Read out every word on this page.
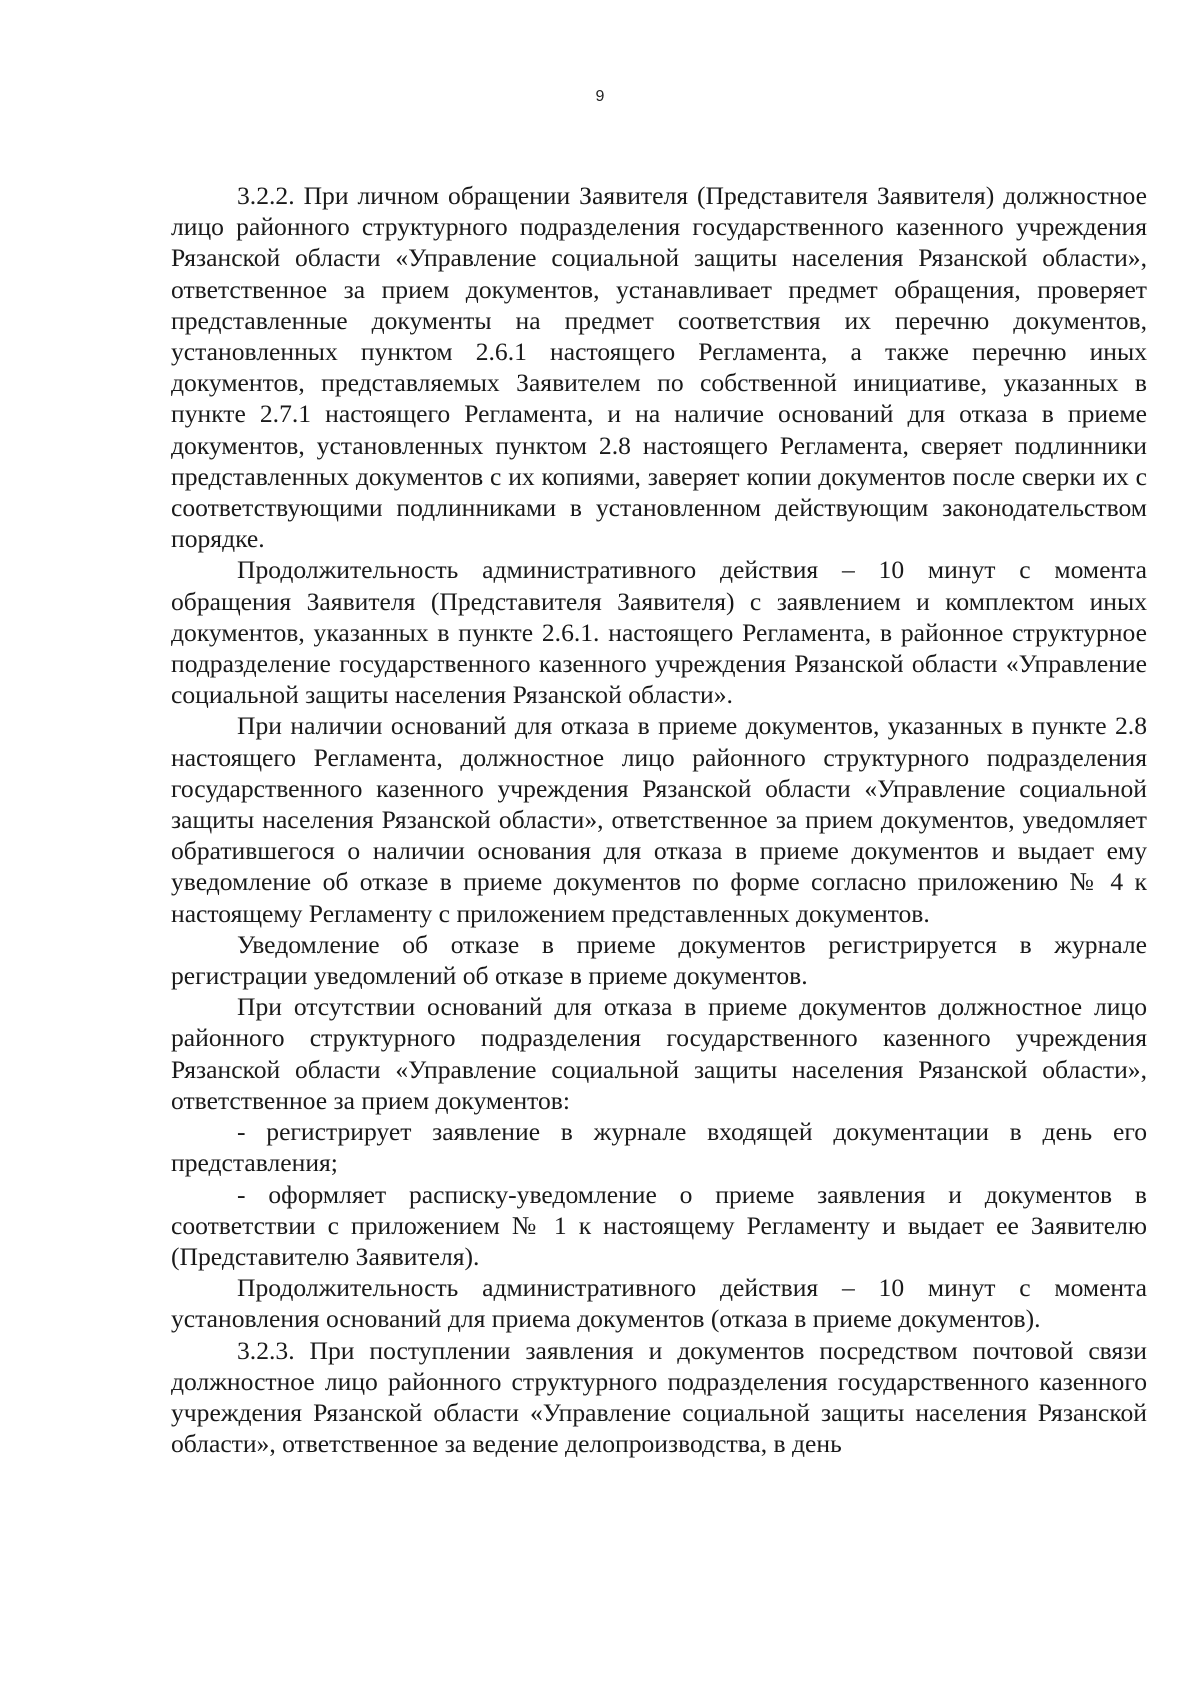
9

3.2.2. При личном обращении Заявителя (Представителя Заявителя) должностное лицо районного структурного подразделения государственного казенного учреждения Рязанской области «Управление социальной защиты населения Рязанской области», ответственное за прием документов, устанавливает предмет обращения, проверяет представленные документы на предмет соответствия их перечню документов, установленных пунктом 2.6.1 настоящего Регламента, а также перечню иных документов, представляемых Заявителем по собственной инициативе, указанных в пункте 2.7.1 настоящего Регламента, и на наличие оснований для отказа в приеме документов, установленных пунктом 2.8 настоящего Регламента, сверяет подлинники представленных документов с их копиями, заверяет копии документов после сверки их с соответствующими подлинниками в установленном действующим законодательством порядке.

Продолжительность административного действия – 10 минут с момента обращения Заявителя (Представителя Заявителя) с заявлением и комплектом иных документов, указанных в пункте 2.6.1. настоящего Регламента, в районное структурное подразделение государственного казенного учреждения Рязанской области «Управление социальной защиты населения Рязанской области».

При наличии оснований для отказа в приеме документов, указанных в пункте 2.8 настоящего Регламента, должностное лицо районного структурного подразделения государственного казенного учреждения Рязанской области «Управление социальной защиты населения Рязанской области», ответственное за прием документов, уведомляет обратившегося о наличии основания для отказа в приеме документов и выдает ему уведомление об отказе в приеме документов по форме согласно приложению № 4 к настоящему Регламенту с приложением представленных документов.

Уведомление об отказе в приеме документов регистрируется в журнале регистрации уведомлений об отказе в приеме документов.

При отсутствии оснований для отказа в приеме документов должностное лицо районного структурного подразделения государственного казенного учреждения Рязанской области «Управление социальной защиты населения Рязанской области», ответственное за прием документов:

- регистрирует заявление в журнале входящей документации в день его представления;

- оформляет расписку-уведомление о приеме заявления и документов в соответствии с приложением № 1 к настоящему Регламенту и выдает ее Заявителю (Представителю Заявителя).

Продолжительность административного действия – 10 минут с момента установления оснований для приема документов (отказа в приеме документов).

3.2.3. При поступлении заявления и документов посредством почтовой связи должностное лицо районного структурного подразделения государственного казенного учреждения Рязанской области «Управление социальной защиты населения Рязанской области», ответственное за ведение делопроизводства, в день
